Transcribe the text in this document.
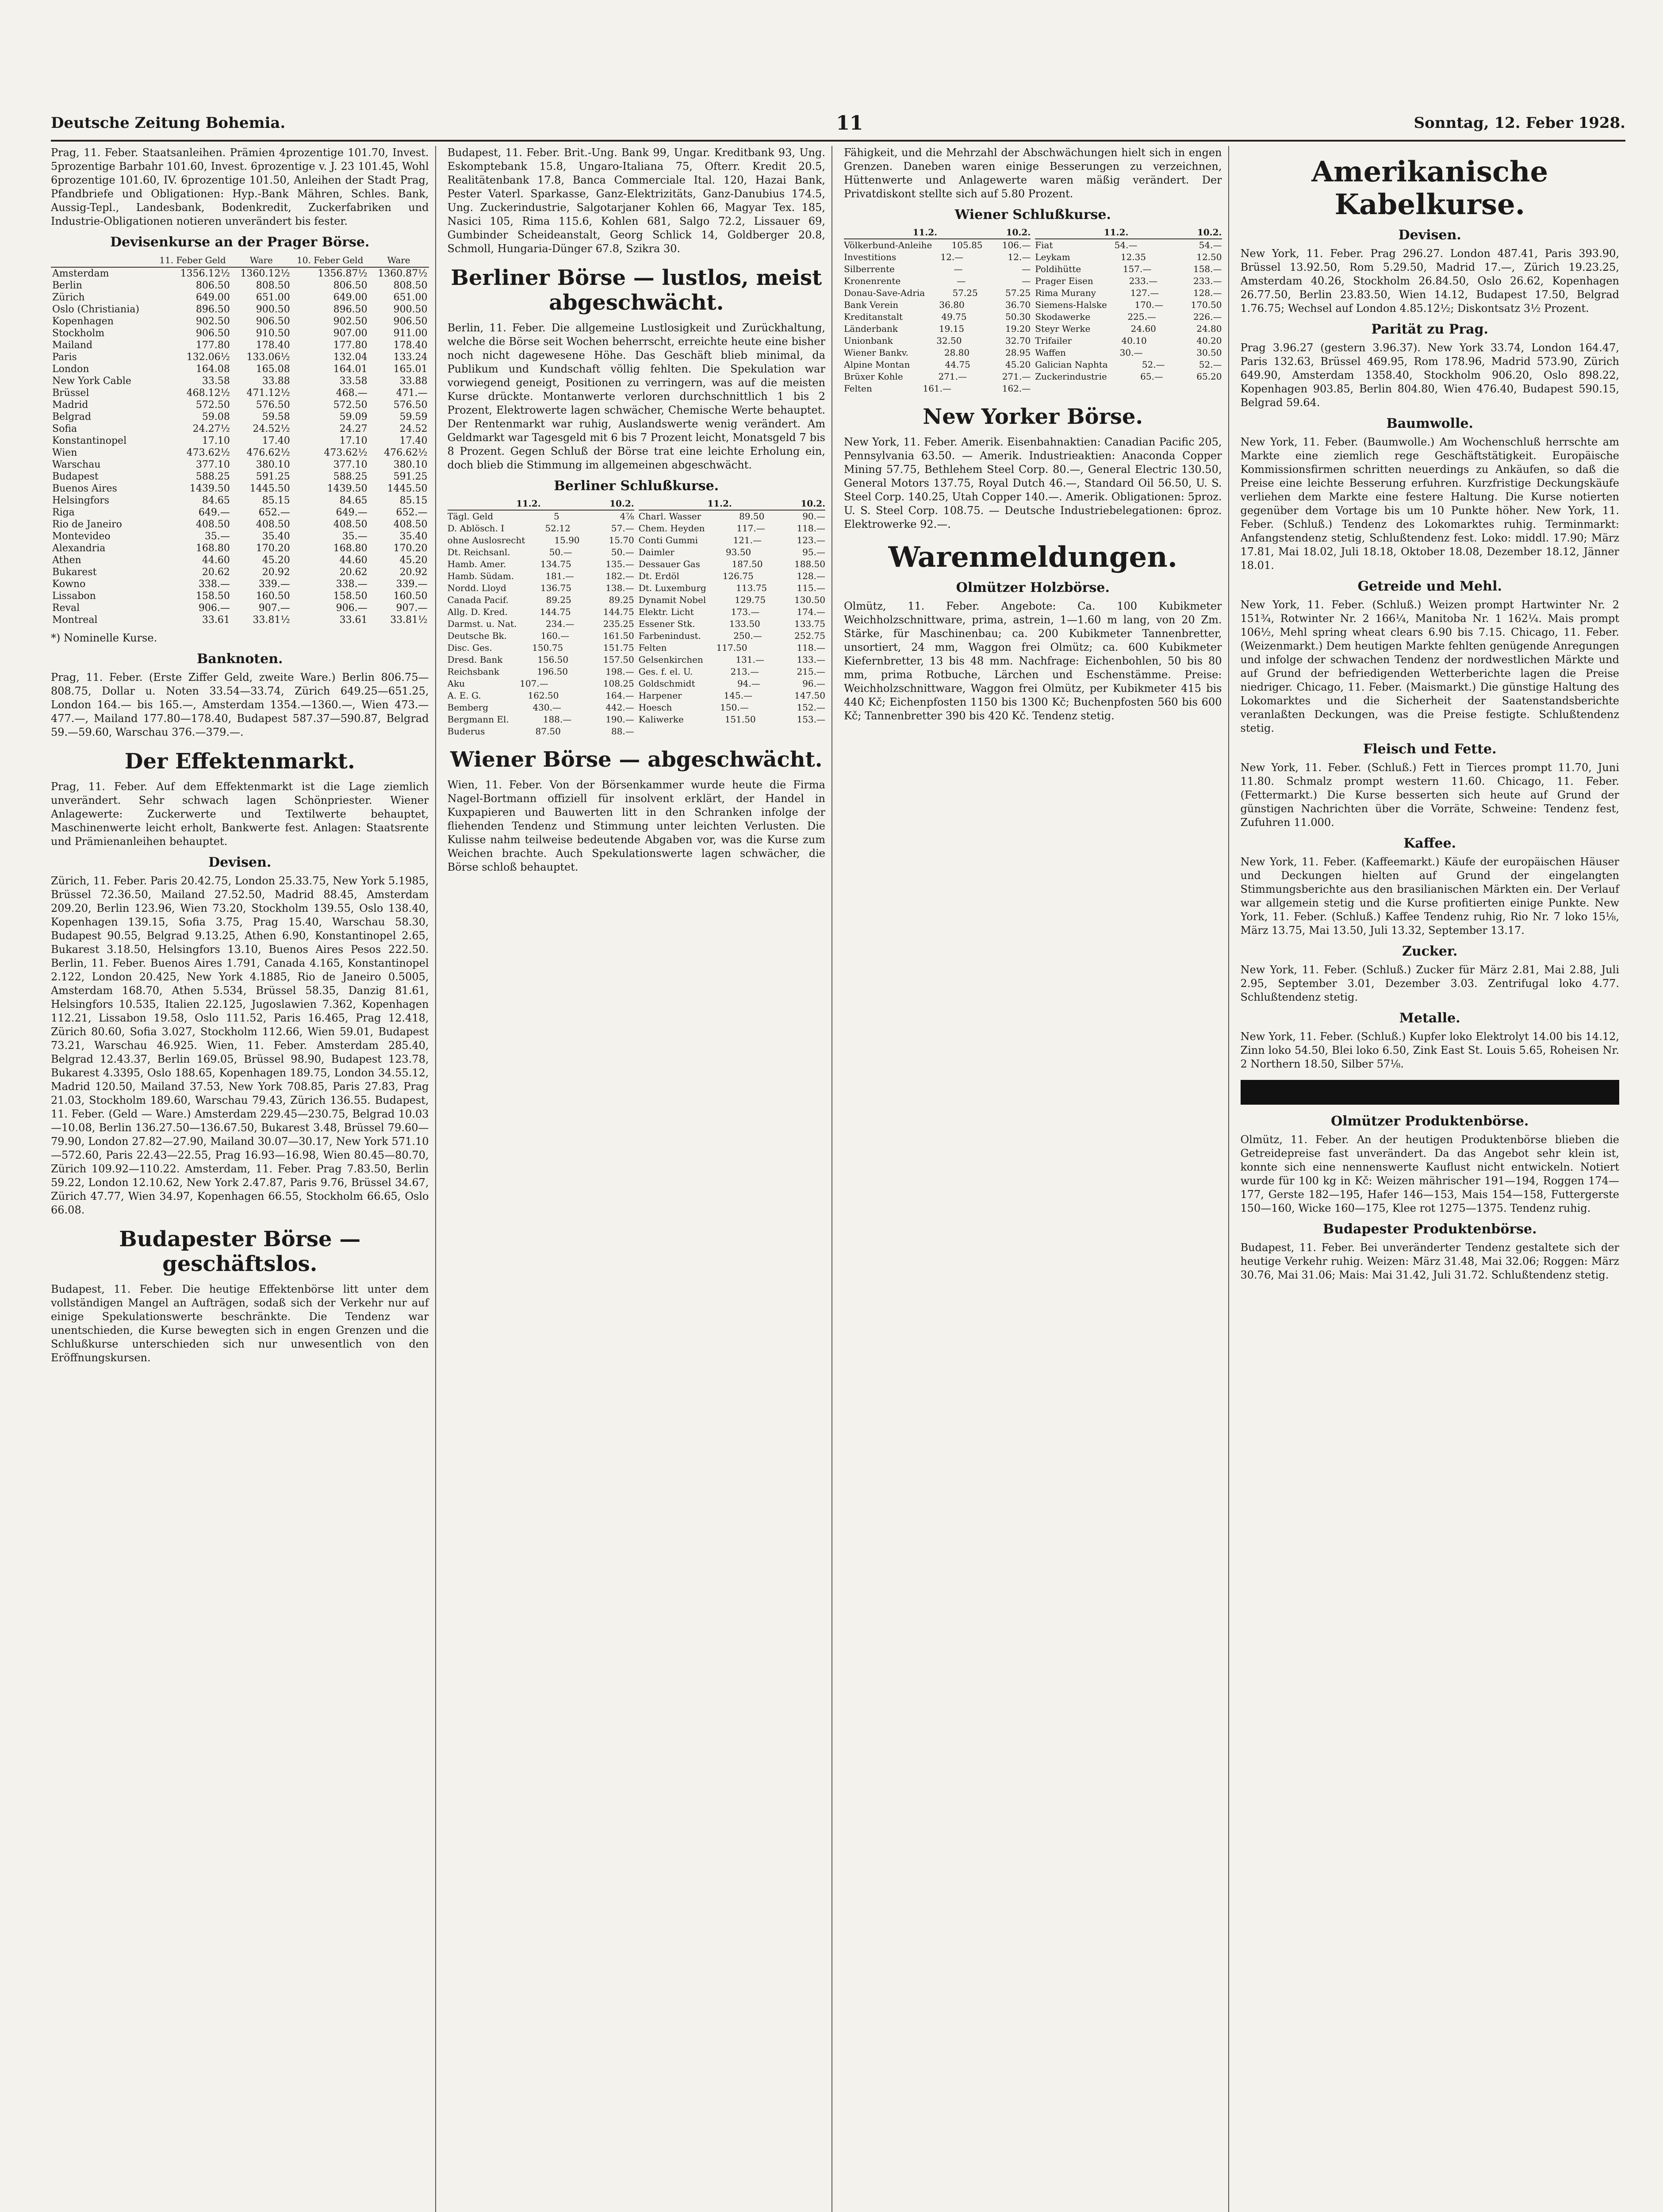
Deutsche Zeitung Bohemia.	11	Sonntag, 12. Feber 1928.

Prag, 11. Feber. Staatsanleihen. Prämien 4prozentige 101.70, Invest. 5prozentige Barbahr 101.60, Invest. 6prozentige v. J. 23 101.45, Wohl 6prozentige 101.60, IV. 6prozentige 101.50, Anleihen der Stadt Prag, Pfandbriefe und Obligationen: Hyp.-Bank Mähren, Schles. Bank, Aussig-Tepl., Landesbank, Bodenkredit, Zuckerfabriken und Industrie-Obligationen notieren unverändert bis fester.

Devisenkurse an der Prager Börse.
	11. Feber Geld	Ware	10. Feber Geld	Ware
Amsterdam	1356.12½	1360.12½	1356.87½	1360.87½
Berlin	806.50	808.50	806.50	808.50
Zürich	649.00	651.00	649.00	651.00
Oslo (Christiania)	896.50	900.50	896.50	900.50
Kopenhagen	902.50	906.50	902.50	906.50
Stockholm	906.50	910.50	907.00	911.00
Mailand	177.80	178.40	177.80	178.40
Paris	132.06½	133.06½	132.04	133.24
London	164.08	165.08	164.01	165.01
New York Cable	33.58	33.88	33.58	33.88
Brüssel	468.12½	471.12½	468.—	471.—
Madrid	572.50	576.50	572.50	576.50
Belgrad	59.08	59.58	59.09	59.59
Sofia	24.27½	24.52½	24.27	24.52
Konstantinopel	17.10	17.40	17.10	17.40
Wien	473.62½	476.62½	473.62½	476.62½
Warschau	377.10	380.10	377.10	380.10
Budapest	588.25	591.25	588.25	591.25
Buenos Aires	1439.50	1445.50	1439.50	1445.50
Helsingfors	84.65	85.15	84.65	85.15
Riga	649.—	652.—	649.—	652.—
Rio de Janeiro	408.50	408.50	408.50	408.50
Montevideo	35.—	35.40	35.—	35.40
Alexandria	168.80	170.20	168.80	170.20
Athen	44.60	45.20	44.60	45.20
Bukarest	20.62	20.92	20.62	20.92
Kowno	338.—	339.—	338.—	339.—
Lissabon	158.50	160.50	158.50	160.50
Reval	906.—	907.—	906.—	907.—
Montreal	33.61	33.81½	33.61	33.81½

*) Nominelle Kurse.

Banknoten.

Prag, 11. Feber. (Erste Ziffer Geld, zweite Ware.) Berlin 806.75—808.75, Dollar u. Noten 33.54—33.74, Zürich 649.25—651.25, London 164.— bis 165.—, Amsterdam 1354.—1360.—, Wien 473.—477.—, Mailand 177.80—178.40, Budapest 587.37—590.87, Belgrad 59.—59.60, Warschau 376.—379.—.

Der Effektenmarkt.

Prag, 11. Feber. Auf dem Effektenmarkt ist die Lage ziemlich unverändert. Sehr schwach lagen Schönpriester. Wiener Anlagewerte: Zuckerwerte und Textilwerte behauptet, Maschinenwerte leicht erholt, Bankwerte fest. Anlagen: Staatsrente und Prämienanleihen behauptet.

Devisen.

Zürich, 11. Feber. Paris 20.42.75, London 25.33.75, New York 5.1985, Brüssel 72.36.50, Mailand 27.52.50, Madrid 88.45, Amsterdam 209.20, Berlin 123.96, Wien 73.20, Stockholm 139.55, Oslo 138.40, Kopenhagen 139.15, Sofia 3.75, Prag 15.40, Warschau 58.30, Budapest 90.55, Belgrad 9.13.25, Athen 6.90, Konstantinopel 2.65, Bukarest 3.18.50, Helsingfors 13.10, Buenos Aires Pesos 222.50. Berlin, 11. Feber. Buenos Aires 1.791, Canada 4.165, Konstantinopel 2.122, London 20.425, New York 4.1885, Rio de Janeiro 0.5005, Amsterdam 168.70, Athen 5.534, Brüssel 58.35, Danzig 81.61, Helsingfors 10.535, Italien 22.125, Jugoslawien 7.362, Kopenhagen 112.21, Lissabon 19.58, Oslo 111.52, Paris 16.465, Prag 12.418, Zürich 80.60, Sofia 3.027, Stockholm 112.66, Wien 59.01, Budapest 73.21, Warschau 46.925. Wien, 11. Feber. Amsterdam 285.40, Belgrad 12.43.37, Berlin 169.05, Brüssel 98.90, Budapest 123.78, Bukarest 4.3395, Oslo 188.65, Kopenhagen 189.75, London 34.55.12, Madrid 120.50, Mailand 37.53, New York 708.85, Paris 27.83, Prag 21.03, Stockholm 189.60, Warschau 79.43, Zürich 136.55. Budapest, 11. Feber. (Geld — Ware.) Amsterdam 229.45—230.75, Belgrad 10.03—10.08, Berlin 136.27.50—136.67.50, Bukarest 3.48, Brüssel 79.60—79.90, London 27.82—27.90, Mailand 30.07—30.17, New York 571.10—572.60, Paris 22.43—22.55, Prag 16.93—16.98, Wien 80.45—80.70, Zürich 109.92—110.22. Amsterdam, 11. Feber. Prag 7.83.50, Berlin 59.22, London 12.10.62, New York 2.47.87, Paris 9.76, Brüssel 34.67, Zürich 47.77, Wien 34.97, Kopenhagen 66.55, Stockholm 66.65, Oslo 66.08.

Budapester Börse — geschäftslos.

Budapest, 11. Feber. Die heutige Effektenbörse litt unter dem vollständigen Mangel an Aufträgen, sodaß sich der Verkehr nur auf einige Spekulationswerte beschränkte. Die Tendenz war unentschieden, die Kurse bewegten sich in engen Grenzen und die Schlußkurse unterschieden sich nur unwesentlich von den Eröffnungskursen.

Budapest, 11. Feber. Brit.-Ung. Bank 99, Ungar. Kreditbank 93, Ung. Eskomptebank 15.8, Ungaro-Italiana 75, Ofterr. Kredit 20.5, Realitätenbank 17.8, Banca Commerciale Ital. 120, Hazai Bank, Pester Vaterl. Sparkasse, Ganz-Elektrizitäts, Ganz-Danubius 174.5, Ung. Zuckerindustrie, Salgotarjaner Kohlen 66, Magyar Tex. 185, Nasici 105, Rima 115.6, Kohlen 681, Salgo 72.2, Lissauer 69, Gumbinder Scheideanstalt, Georg Schlick 14, Goldberger 20.8, Schmoll, Hungaria-Dünger 67.8, Szikra 30.

Berliner Börse — lustlos, meist abgeschwächt.

Berlin, 11. Feber. Die allgemeine Lustlosigkeit und Zurückhaltung, welche die Börse seit Wochen beherrscht, erreichte heute eine bisher noch nicht dagewesene Höhe. Das Geschäft blieb minimal, da Publikum und Kundschaft völlig fehlten. Die Spekulation war vorwiegend geneigt, Positionen zu verringern, was auf die meisten Kurse drückte. Montanwerte verloren durchschnittlich 1 bis 2 Prozent, Elektrowerte lagen schwächer, Chemische Werte behauptet. Der Rentenmarkt war ruhig, Auslandswerte wenig verändert. Am Geldmarkt war Tagesgeld mit 6 bis 7 Prozent leicht, Monatsgeld 7 bis 8 Prozent. Gegen Schluß der Börse trat eine leichte Erholung ein, doch blieb die Stimmung im allgemeinen abgeschwächt.

Berliner Schlußkurse.
11.2.	10.2.
Tägl. Geld	5	4⅞
D. Ablösch. I	52.12	57.—
ohne Auslosrecht	15.90	15.70
Dt. Reichsanl.	50.—	50.—
Hamb. Amer.	134.75	135.—
Hamb. Südam.	181.—	182.—
Nordd. Lloyd	136.75	138.—
Canada Pacif.	89.25	89.25
Allg. D. Kred.	144.75	144.75
Darmst. u. Nat.	234.—	235.25
Deutsche Bk.	160.—	161.50
Disc. Ges.	150.75	151.75
Dresd. Bank	156.50	157.50
Reichsbank	196.50	198.—
Aku	107.—	108.25
A. E. G.	162.50	164.—
Bemberg	430.—	442.—
Bergmann El.	188.—	190.—
Buderus	87.50	88.—
11.2.	10.2.
Charl. Wasser	89.50	90.—
Chem. Heyden	117.—	118.—
Conti Gummi	121.—	123.—
Daimler	93.50	95.—
Dessauer Gas	187.50	188.50
Dt. Erdöl	126.75	128.—
Dt. Luxemburg	113.75	115.—
Dynamit Nobel	129.75	130.50
Elektr. Licht	173.—	174.—
Essener Stk.	133.50	133.75
Farbenindust.	250.—	252.75
Felten	117.50	118.—
Gelsenkirchen	131.—	133.—
Ges. f. el. U.	213.—	215.—
Goldschmidt	94.—	96.—
Harpener	145.—	147.50
Hoesch	150.—	152.—
Kaliwerke	151.50	153.—
Wiener Börse — abgeschwächt.

Wien, 11. Feber. Von der Börsenkammer wurde heute die Firma Nagel-Bortmann offiziell für insolvent erklärt, der Handel in Kuxpapieren und Bauwerten litt in den Schranken infolge der fliehenden Tendenz und Stimmung unter leichten Verlusten. Die Kulisse nahm teilweise bedeutende Abgaben vor, was die Kurse zum Weichen brachte. Auch Spekulationswerte lagen schwächer, die Börse schloß behauptet.

Fähigkeit, und die Mehrzahl der Abschwächungen hielt sich in engen Grenzen. Daneben waren einige Besserungen zu verzeichnen, Hüttenwerte und Anlagewerte waren mäßig verändert. Der Privatdiskont stellte sich auf 5.80 Prozent.

Wiener Schlußkurse.
11.2.	10.2.
Völkerbund-Anleihe 105.85 106.—
Investitions	12.—	12.—
Silberrente	—	—
Kronenrente	—	—
Donau-Save-Adria	57.25	57.25
Bank Verein	36.80	36.70
Kreditanstalt	49.75	50.30
Länderbank	19.15	19.20
Unionbank	32.50	32.70
Wiener Bankv.	28.80	28.95
Alpine Montan	44.75	45.20
Brüxer Kohle	271.—	271.—
Felten	161.—	162.—
11.2.	10.2.
Fiat	54.—	54.—
Leykam	12.35	12.50
Poldihütte	157.—	158.—
Prager Eisen	233.—	233.—
Rima Murany	127.—	128.—
Siemens-Halske	170.—	170.50
Skodawerke	225.—	226.—
Steyr Werke	24.60	24.80
Trifailer	40.10	40.20
Waffen	30.—	30.50
Galician Naphta	52.—	52.—
Zuckerindustrie	65.—	65.20
New Yorker Börse.

New York, 11. Feber. Amerik. Eisenbahnaktien: Canadian Pacific 205, Pennsylvania 63.50. — Amerik. Industrieaktien: Anaconda Copper Mining 57.75, Bethlehem Steel Corp. 80.—, General Electric 130.50, General Motors 137.75, Royal Dutch 46.—, Standard Oil 56.50, U. S. Steel Corp. 140.25, Utah Copper 140.—. Amerik. Obligationen: 5proz. U. S. Steel Corp. 108.75. — Deutsche Industriebelegationen: 6proz. Elektrowerke 92.—.

Warenmeldungen.
Olmützer Holzbörse.

Olmütz, 11. Feber. Angebote: Ca. 100 Kubikmeter Weichholzschnittware, prima, astrein, 1—1.60 m lang, von 20 Zm. Stärke, für Maschinenbau; ca. 200 Kubikmeter Tannenbretter, unsortiert, 24 mm, Waggon frei Olmütz; ca. 600 Kubikmeter Kiefernbretter, 13 bis 48 mm. Nachfrage: Eichenbohlen, 50 bis 80 mm, prima Rotbuche, Lärchen und Eschenstämme. Preise: Weichholzschnittware, Waggon frei Olmütz, per Kubikmeter 415 bis 440 Kč; Eichenpfosten 1150 bis 1300 Kč; Buchenpfosten 560 bis 600 Kč; Tannenbretter 390 bis 420 Kč. Tendenz stetig.

Amerikanische Kabelkurse.
Devisen.

New York, 11. Feber. Prag 296.27. London 487.41, Paris 393.90, Brüssel 13.92.50, Rom 5.29.50, Madrid 17.—, Zürich 19.23.25, Amsterdam 40.26, Stockholm 26.84.50, Oslo 26.62, Kopenhagen 26.77.50, Berlin 23.83.50, Wien 14.12, Budapest 17.50, Belgrad 1.76.75; Wechsel auf London 4.85.12½; Diskontsatz 3½ Prozent.

Parität zu Prag.

Prag 3.96.27 (gestern 3.96.37). New York 33.74, London 164.47, Paris 132.63, Brüssel 469.95, Rom 178.96, Madrid 573.90, Zürich 649.90, Amsterdam 1358.40, Stockholm 906.20, Oslo 898.22, Kopenhagen 903.85, Berlin 804.80, Wien 476.40, Budapest 590.15, Belgrad 59.64.

Baumwolle.

New York, 11. Feber. (Baumwolle.) Am Wochenschluß herrschte am Markte eine ziemlich rege Geschäftstätigkeit. Europäische Kommissionsfirmen schritten neuerdings zu Ankäufen, so daß die Preise eine leichte Besserung erfuhren. Kurzfristige Deckungskäufe verliehen dem Markte eine festere Haltung. Die Kurse notierten gegenüber dem Vortage bis um 10 Punkte höher. New York, 11. Feber. (Schluß.) Tendenz des Lokomarktes ruhig. Terminmarkt: Anfangstendenz stetig, Schlußtendenz fest. Loko: middl. 17.90; März 17.81, Mai 18.02, Juli 18.18, Oktober 18.08, Dezember 18.12, Jänner 18.01.

Getreide und Mehl.

New York, 11. Feber. (Schluß.) Weizen prompt Hartwinter Nr. 2 151¾, Rotwinter Nr. 2 166¼, Manitoba Nr. 1 162¼. Mais prompt 106½, Mehl spring wheat clears 6.90 bis 7.15. Chicago, 11. Feber. (Weizenmarkt.) Dem heutigen Markte fehlten genügende Anregungen und infolge der schwachen Tendenz der nordwestlichen Märkte und auf Grund der befriedigenden Wetterberichte lagen die Preise niedriger. Chicago, 11. Feber. (Maismarkt.) Die günstige Haltung des Lokomarktes und die Sicherheit der Saatenstandsberichte veranlaßten Deckungen, was die Preise festigte. Schlußtendenz stetig.

Fleisch und Fette.

New York, 11. Feber. (Schluß.) Fett in Tierces prompt 11.70, Juni 11.80. Schmalz prompt western 11.60. Chicago, 11. Feber. (Fettermarkt.) Die Kurse besserten sich heute auf Grund der günstigen Nachrichten über die Vorräte, Schweine: Tendenz fest, Zufuhren 11.000.

Kaffee.

New York, 11. Feber. (Kaffeemarkt.) Käufe der europäischen Häuser und Deckungen hielten auf Grund der eingelangten Stimmungsberichte aus den brasilianischen Märkten ein. Der Verlauf war allgemein stetig und die Kurse profitierten einige Punkte. New York, 11. Feber. (Schluß.) Kaffee Tendenz ruhig, Rio Nr. 7 loko 15⅛, März 13.75, Mai 13.50, Juli 13.32, September 13.17.

Zucker.

New York, 11. Feber. (Schluß.) Zucker für März 2.81, Mai 2.88, Juli 2.95, September 3.01, Dezember 3.03. Zentrifugal loko 4.77. Schlußtendenz stetig.

Metalle.

New York, 11. Feber. (Schluß.) Kupfer loko Elektrolyt 14.00 bis 14.12, Zinn loko 54.50, Blei loko 6.50, Zink East St. Louis 5.65, Roheisen Nr. 2 Northern 18.50, Silber 57⅛.

Olmützer Produktenbörse.

Olmütz, 11. Feber. An der heutigen Produktenbörse blieben die Getreidepreise fast unverändert. Da das Angebot sehr klein ist, konnte sich eine nennenswerte Kauflust nicht entwickeln. Notiert wurde für 100 kg in Kč: Weizen mährischer 191—194, Roggen 174—177, Gerste 182—195, Hafer 146—153, Mais 154—158, Futtergerste 150—160, Wicke 160—175, Klee rot 1275—1375. Tendenz ruhig.

Budapester Produktenbörse.

Budapest, 11. Feber. Bei unveränderter Tendenz gestaltete sich der heutige Verkehr ruhig. Weizen: März 31.48, Mai 32.06; Roggen: März 30.76, Mai 31.06; Mais: Mai 31.42, Juli 31.72. Schlußtendenz stetig.
